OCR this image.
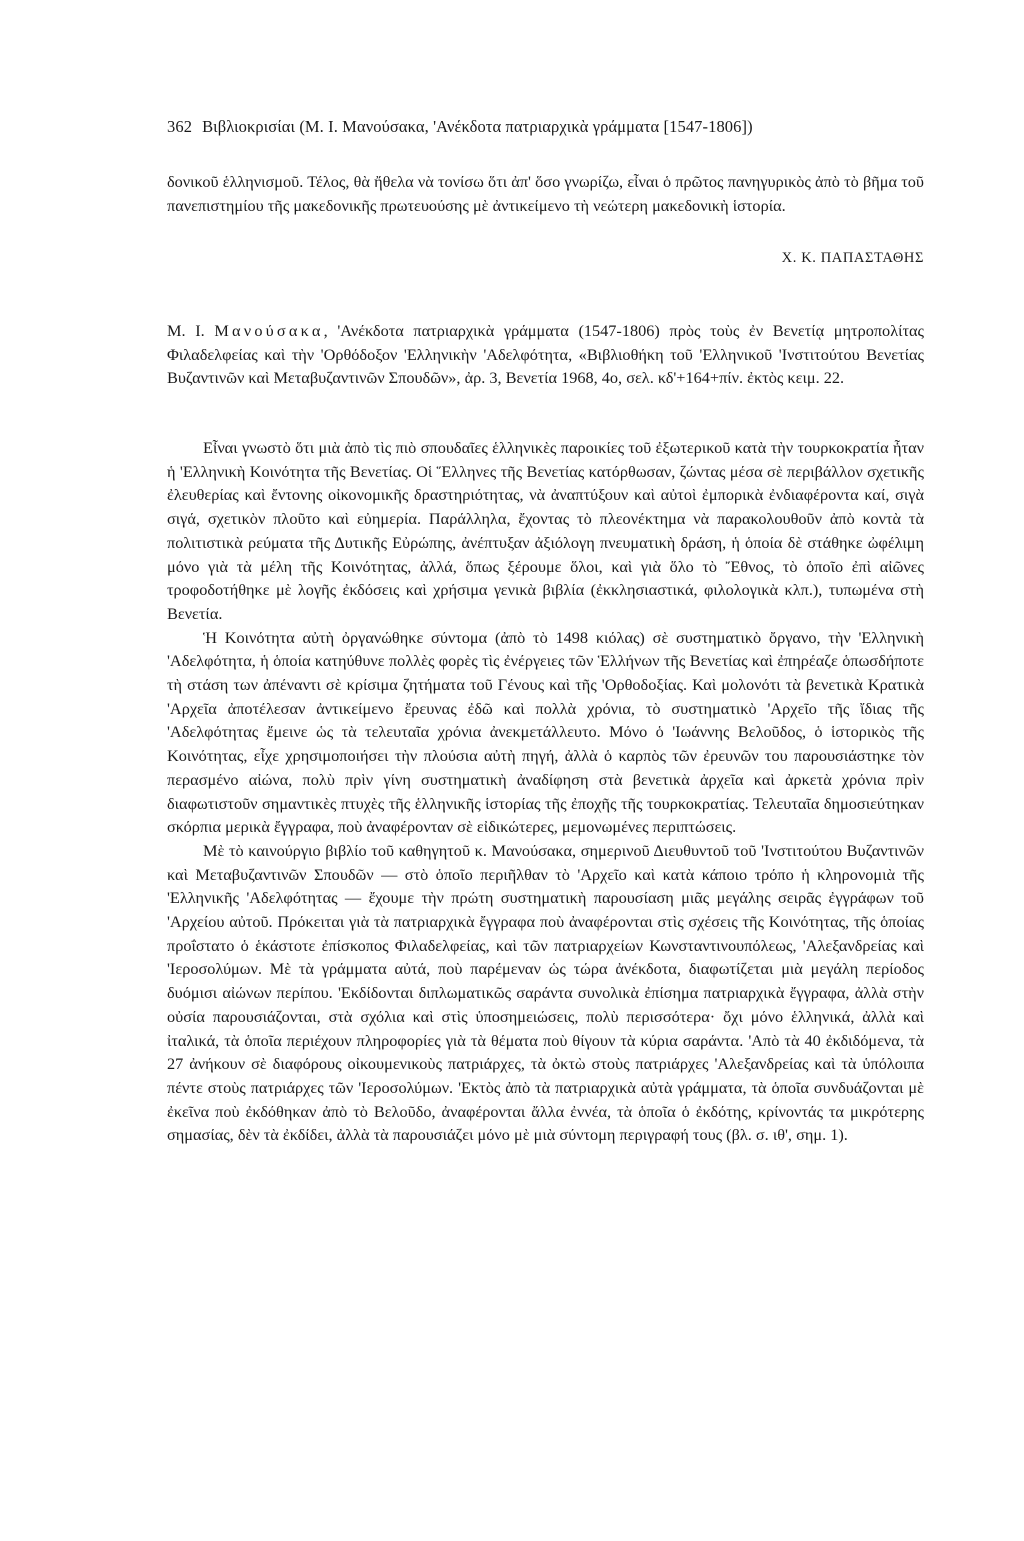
362 Βιβλιοκρισίαι (Μ. Ι. Μανούσακα, 'Ανέκδοτα πατριαρχικὰ γράμματα [1547-1806])

δονικοῦ ἑλληνισμοῦ. Τέλος, θὰ ἤθελα νὰ τονίσω ὅτι ἀπ' ὅσο γνωρίζω, εἶναι ὁ πρῶτος πανηγυρικὸς ἀπὸ τὸ βῆμα τοῦ πανεπιστημίου τῆς μακεδονικῆς πρωτευούσης μὲ ἀντικείμενο τὴ νεώτερη μακεδονικὴ ἱστορία.

Χ. Κ. ΠΑΠΑΣΤΑΘΗΣ

Μ. Ι. Μανούσακα, 'Ανέκδοτα πατριαρχικὰ γράμματα (1547-1806) πρὸς τοὺς ἐν Βενετίᾳ μητροπολίτας Φιλαδελφείας καὶ τὴν 'Ορθόδοξον 'Ελληνικὴν 'Αδελφότητα, «Βιβλιοθήκη τοῦ 'Ελληνικοῦ 'Ινστιτούτου Βενετίας Βυζαντινῶν καὶ Μεταβυζαντινῶν Σπουδῶν», ἀρ. 3, Βενετία 1968, 4ο, σελ. κδ'+164+πίν. ἐκτὸς κειμ. 22.

Εἶναι γνωστὸ ὅτι μιὰ ἀπὸ τὶς πιὸ σπουδαῖες ἑλληνικὲς παροικίες τοῦ ἐξωτερικοῦ κατὰ τὴν τουρκοκρατία ἦταν ἡ 'Ελληνικὴ Κοινότητα τῆς Βενετίας. Οἱ Ἕλληνες τῆς Βενετίας κατόρθωσαν, ζώντας μέσα σὲ περιβάλλον σχετικῆς ἐλευθερίας καὶ ἔντονης οἰκονομικῆς δραστηριότητας, νὰ ἀναπτύξουν καὶ αὐτοὶ ἐμπορικὰ ἐνδιαφέροντα καί, σιγὰ σιγά, σχετικὸν πλοῦτο καὶ εὐημερία. Παράλληλα, ἔχοντας τὸ πλεονέκτημα νὰ παρακολουθοῦν ἀπὸ κοντὰ τὰ πολιτιστικὰ ρεύματα τῆς Δυτικῆς Εὐρώπης, ἀνέπτυξαν ἀξιόλογη πνευματικὴ δράση, ἡ ὁποία δὲ στάθηκε ὠφέλιμη μόνο γιὰ τὰ μέλη τῆς Κοινότητας, ἀλλά, ὅπως ξέρουμε ὅλοι, καὶ γιὰ ὅλο τὸ Ἔθνος, τὸ ὁποῖο ἐπὶ αἰῶνες τροφοδοτήθηκε μὲ λογῆς ἐκδόσεις καὶ χρήσιμα γενικὰ βιβλία (ἐκκλησιαστικά, φιλολογικὰ κλπ.), τυπωμένα στὴ Βενετία.

Ἡ Κοινότητα αὐτὴ ὀργανώθηκε σύντομα (ἀπὸ τὸ 1498 κιόλας) σὲ συστηματικὸ ὄργανο, τὴν 'Ελληνικὴ 'Αδελφότητα, ἡ ὁποία κατηύθυνε πολλὲς φορὲς τὶς ἐνέργειες τῶν Ἑλλήνων τῆς Βενετίας καὶ ἐπηρέαζε ὁπωσδήποτε τὴ στάση των ἀπέναντι σὲ κρίσιμα ζητήματα τοῦ Γένους καὶ τῆς 'Ορθοδοξίας. Καὶ μολονότι τὰ βενετικὰ Κρατικὰ 'Αρχεῖα ἀποτέλεσαν ἀντικείμενο ἔρευνας ἐδῶ καὶ πολλὰ χρόνια, τὸ συστηματικὸ 'Αρχεῖο τῆς ἴδιας τῆς 'Αδελφότητας ἔμεινε ὡς τὰ τελευταῖα χρόνια ἀνεκμετάλλευτο. Μόνο ὁ 'Ιωάννης Βελοῦδος, ὁ ἱστορικὸς τῆς Κοινότητας, εἶχε χρησιμοποιήσει τὴν πλούσια αὐτὴ πηγή, ἀλλὰ ὁ καρπὸς τῶν ἐρευνῶν του παρουσιάστηκε τὸν περασμένο αἰώνα, πολὺ πρὶν γίνη συστηματικὴ ἀναδίφηση στὰ βενετικὰ ἀρχεῖα καὶ ἀρκετὰ χρόνια πρὶν διαφωτιστοῦν σημαντικὲς πτυχὲς τῆς ἑλληνικῆς ἱστορίας τῆς ἐποχῆς τῆς τουρκοκρατίας. Τελευταῖα δημοσιεύτηκαν σκόρπια μερικὰ ἔγγραφα, ποὺ ἀναφέρονταν σὲ εἰδικώτερες, μεμονωμένες περιπτώσεις.

Μὲ τὸ καινούργιο βιβλίο τοῦ καθηγητοῦ κ. Μανούσακα, σημερινοῦ Διευθυντοῦ τοῦ 'Ινστιτούτου Βυζαντινῶν καὶ Μεταβυζαντινῶν Σπουδῶν — στὸ ὁποῖο περιῆλθαν τὸ 'Αρχεῖο καὶ κατὰ κάποιο τρόπο ἡ κληρονομιὰ τῆς 'Ελληνικῆς 'Αδελφότητας — ἔχουμε τὴν πρώτη συστηματικὴ παρουσίαση μιᾶς μεγάλης σειρᾶς ἐγγράφων τοῦ 'Αρχείου αὐτοῦ. Πρόκειται γιὰ τὰ πατριαρχικὰ ἔγγραφα ποὺ ἀναφέρονται στὶς σχέσεις τῆς Κοινότητας, τῆς ὁποίας προΐστατο ὁ ἑκάστοτε ἐπίσκοπος Φιλαδελφείας, καὶ τῶν πατριαρχείων Κωνσταντινουπόλεως, 'Αλεξανδρείας καὶ 'Ιεροσολύμων. Μὲ τὰ γράμματα αὐτά, ποὺ παρέμεναν ὡς τώρα ἀνέκδοτα, διαφωτίζεται μιὰ μεγάλη περίοδος δυόμισι αἰώνων περίπου. 'Εκδίδονται διπλωματικῶς σαράντα συνολικὰ ἐπίσημα πατριαρχικὰ ἔγγραφα, ἀλλὰ στὴν οὐσία παρουσιάζονται, στὰ σχόλια καὶ στὶς ὑποσημειώσεις, πολὺ περισσότερα· ὄχι μόνο ἑλληνικά, ἀλλὰ καὶ ἰταλικά, τὰ ὁποῖα περιέχουν πληροφορίες γιὰ τὰ θέματα ποὺ θίγουν τὰ κύρια σαράντα. 'Απὸ τὰ 40 ἐκδιδόμενα, τὰ 27 ἀνήκουν σὲ διαφόρους οἰκουμενικοὺς πατριάρχες, τὰ ὀκτὼ στοὺς πατριάρχες 'Αλεξανδρείας καὶ τὰ ὑπόλοιπα πέντε στοὺς πατριάρχες τῶν 'Ιεροσολύμων. 'Εκτὸς ἀπὸ τὰ πατριαρχικὰ αὐτὰ γράμματα, τὰ ὁποῖα συνδυάζονται μὲ ἐκεῖνα ποὺ ἐκδόθηκαν ἀπὸ τὸ Βελοῦδο, ἀναφέρονται ἄλλα ἐννέα, τὰ ὁποῖα ὁ ἐκδότης, κρίνοντάς τα μικρότερης σημασίας, δὲν τὰ ἐκδίδει, ἀλλὰ τὰ παρουσιάζει μόνο μὲ μιὰ σύντομη περιγραφή τους (βλ. σ. ιθ', σημ. 1).
